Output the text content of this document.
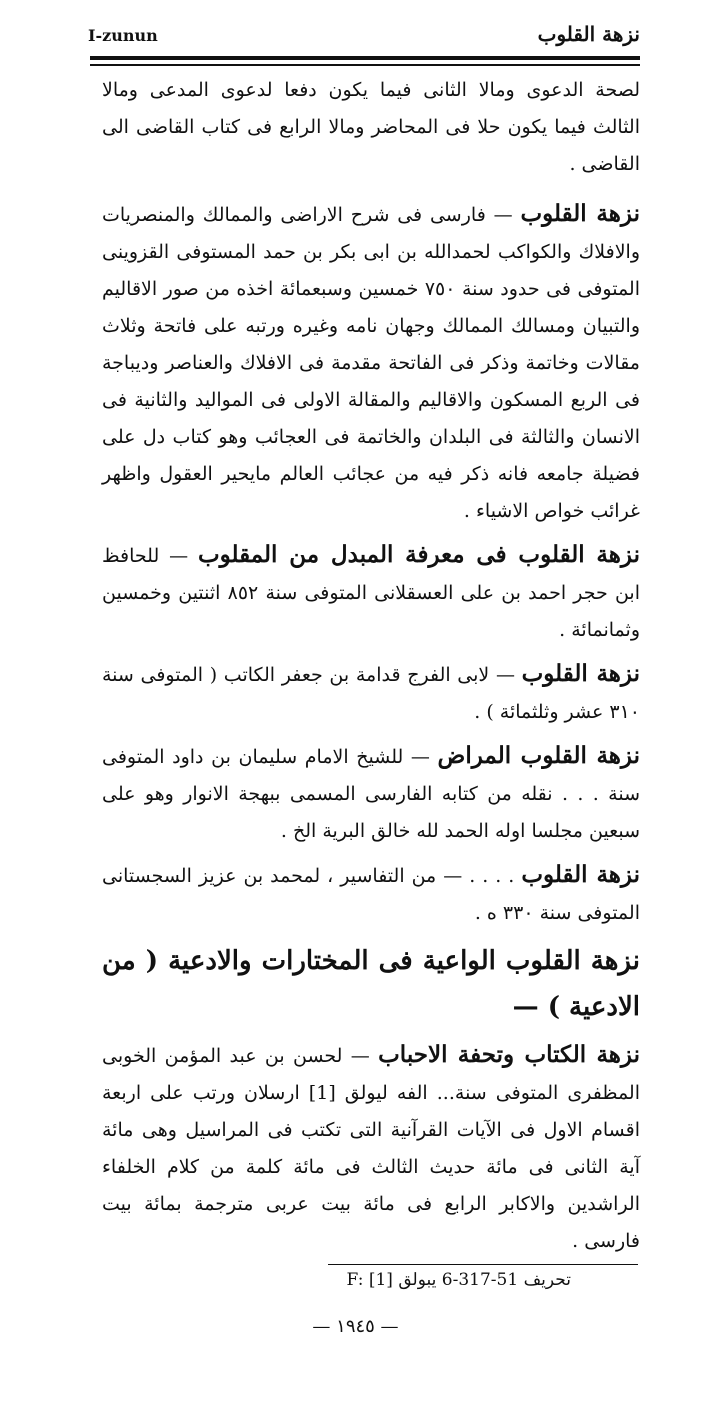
I-zunun	نزهة القلوب

لصحة الدعوى ومالا الثانى فيما يكون دفعا لدعوى المدعى ومالا الثالث فيما يكون حلا فى المحاضر ومالا الرابع فى كتاب القاضى الى القاضى .

نزهة القلوب — فارسى فى شرح الاراضى والممالك والمنصريات والافلاك والكواكب لحمدالله بن ابى بكر بن حمد المستوفى القزوينى المتوفى فى حدود سنة ٧٥٠ خمسين وسبعمائة اخذه من صور الاقاليم والتبيان ومسالك الممالك وجهان نامه وغيره ورتبه على فاتحة وثلاث مقالات وخاتمة وذكر فى الفاتحة مقدمة فى الافلاك والعناصر وديباجة فى الربع المسكون والاقاليم والمقالة الاولى فى المواليد والثانية فى الانسان والثالثة فى البلدان والخاتمة فى العجائب وهو كتاب دل على فضيلة جامعه فانه ذكر فيه من عجائب العالم مايحير العقول واظهر غرائب خواص الاشياء .

نزهة القلوب فى معرفة المبدل من المقلوب — للحافظ ابن حجر احمد بن على العسقلانى المتوفى سنة ٨٥٢ اثنتين وخمسين وثمانمائة .

نزهة القلوب — لابى الفرج قدامة بن جعفر الكاتب ( المتوفى سنة ٣١٠ عشر وثلثمائة ) .

نزهة القلوب المراض — للشيخ الامام سليمان بن داود المتوفى سنة . . . نقله من كتابه الفارسى المسمى ببهجة الانوار وهو على سبعين مجلسا اوله الحمد لله خالق البرية الخ .

نزهة القلوب . . . . — من التفاسير ، لمحمد بن عزيز السجستانى المتوفى سنة ٣٣٠ ه .

نزهة القلوب الواعية فى المختارات والادعية ( من الادعية ) —

نزهة الكتاب وتحفة الاحباب — لحسن بن عبد المؤمن الخوبى المظفرى المتوفى سنة... الفه ليولق [1] ارسلان ورتب على اربعة اقسام الاول فى الآيات القرآنية التى تكتب فى المراسيل وهى مائة آية الثانى فى مائة حديث الثالث فى مائة كلمة من كلام الخلفاء الراشدين والاكابر الرابع فى مائة بيت عربى مترجمة بمائة بيت فارسى .

تحريف 51-317-6 يبولق F: [1]
— ١٩٤٥ —
